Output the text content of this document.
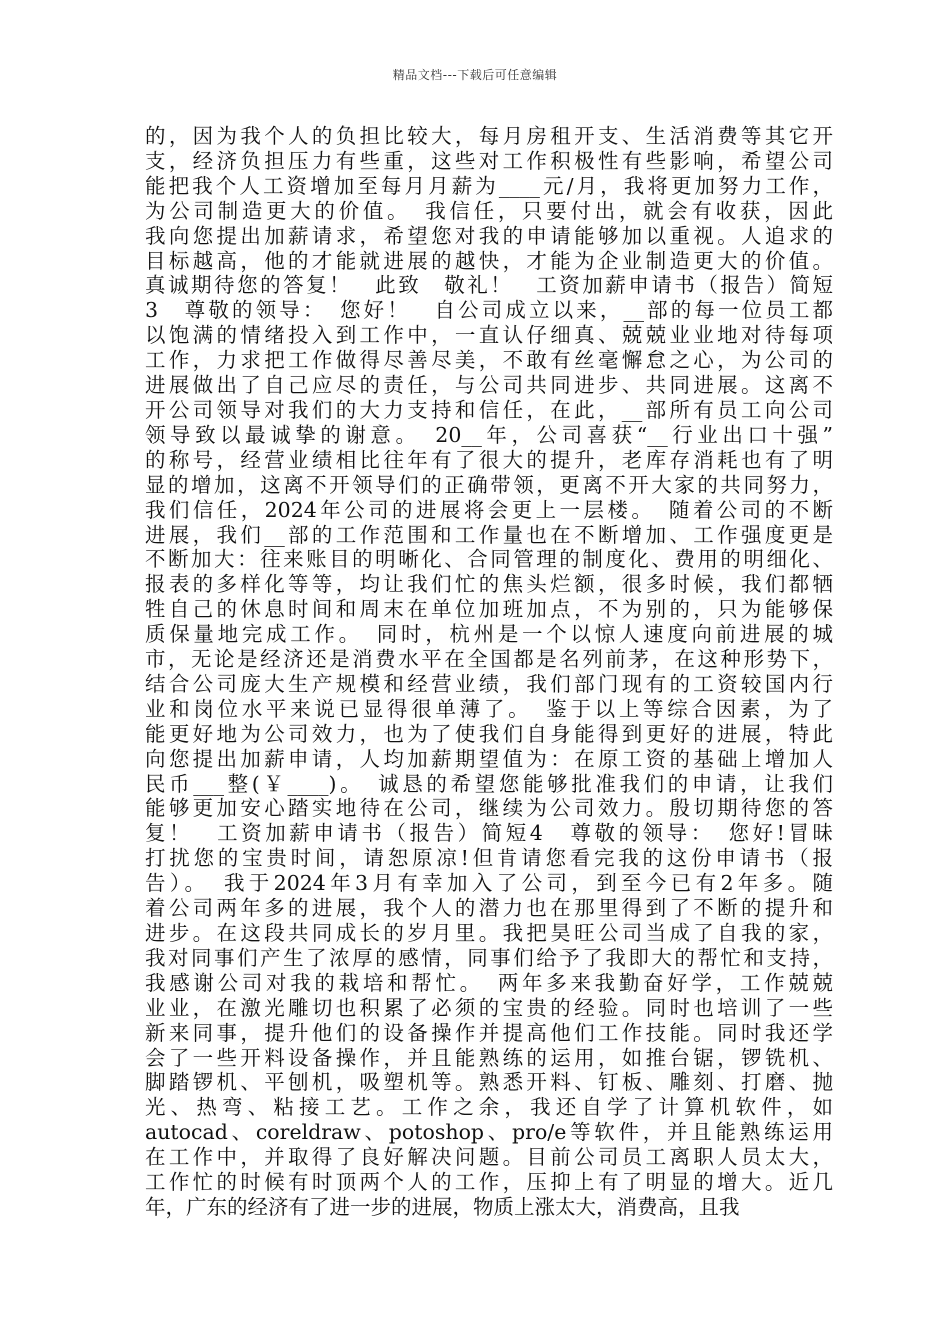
精品文档---下载后可任意编辑
的，因为我个人的负担比较大，每月房租开支、生活消费等其它开
支，经济负担压力有些重，这些对工作积极性有些影响，希望公司
能把我个人工资增加至每月月薪为____元/月，我将更加努力工作，
为公司制造更大的价值。　我信任，只要付出，就会有收获，因此
我向您提出加薪请求，希望您对我的申请能够加以重视。人追求的
目标越高，他的才能就进展的越快，才能为企业制造更大的价值。
真诚期待您的答复！　此致　敬礼！　工资加薪申请书（报告）简短
3　尊敬的领导：　您好！　自公司成立以来，__部的每一位员工都
以饱满的情绪投入到工作中，一直认仔细真、兢兢业业地对待每项
工作，力求把工作做得尽善尽美，不敢有丝毫懈怠之心，为公司的
进展做出了自己应尽的责任，与公司共同进步、共同进展。这离不
开公司领导对我们的大力支持和信任，在此，__部所有员工向公司
领导致以最诚挚的谢意。　20__年，公司喜获“__行业出口十强”
的称号，经营业绩相比往年有了很大的提升，老库存消耗也有了明
显的增加，这离不开领导们的正确带领，更离不开大家的共同努力，
我们信任，2024年公司的进展将会更上一层楼。　随着公司的不断
进展，我们__部的工作范围和工作量也在不断增加、工作强度更是
不断加大：往来账目的明晰化、合同管理的制度化、费用的明细化、
报表的多样化等等，均让我们忙的焦头烂额，很多时候，我们都牺
牲自己的休息时间和周末在单位加班加点，不为别的，只为能够保
质保量地完成工作。　同时，杭州是一个以惊人速度向前进展的城
市，无论是经济还是消费水平在全国都是名列前茅，在这种形势下，
结合公司庞大生产规模和经营业绩，我们部门现有的工资较国内行
业和岗位水平来说已显得很单薄了。　鉴于以上等综合因素，为了
能更好地为公司效力，也为了使我们自身能得到更好的进展，特此
向您提出加薪申请，人均加薪期望值为：在原工资的基础上增加人
民币___整(￥____)。　诚恳的希望您能够批准我们的申请，让我们
能够更加安心踏实地待在公司，继续为公司效力。殷切期待您的答
复！　工资加薪申请书（报告）简短4　尊敬的领导：　您好!冒昧
打扰您的宝贵时间，请恕原凉!但肯请您看完我的这份申请书（报
告）。　我于2024年3月有幸加入了公司，到至今已有2年多。随
着公司两年多的进展，我个人的潜力也在那里得到了不断的提升和
进步。在这段共同成长的岁月里。我把昊旺公司当成了自我的家，
我对同事们产生了浓厚的感情，同事们给予了我即大的帮忙和支持，
我感谢公司对我的栽培和帮忙。　两年多来我勤奋好学，工作兢兢
业业，在激光雕切也积累了必须的宝贵的经验。同时也培训了一些
新来同事，提升他们的设备操作并提高他们工作技能。同时我还学
会了一些开料设备操作，并且能熟练的运用，如推台锯，锣铣机、
脚踏锣机、平刨机，吸塑机等。熟悉开料、钉板、雕刻、打磨、抛
光、热弯、粘接工艺。工作之余，我还自学了计算机软件，如
autocad、coreldraw、potoshop、pro/e等软件，并且能熟练运用
在工作中，并取得了良好解决问题。目前公司员工离职人员太大，
工作忙的时候有时顶两个人的工作，压抑上有了明显的增大。近几
年，广东的经济有了进一步的进展，物质上涨太大，消费高，且我
